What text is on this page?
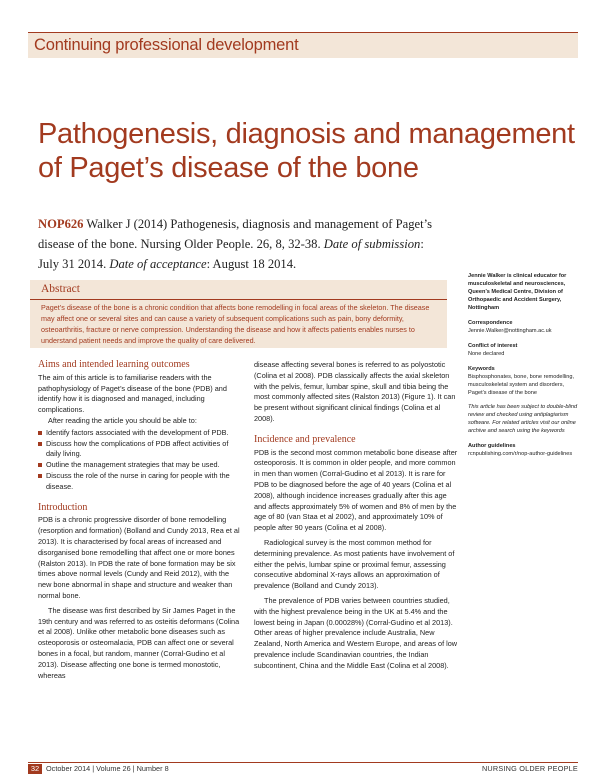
Continuing professional development
Pathogenesis, diagnosis and management
of Paget’s disease of the bone
NOP626 Walker J (2014) Pathogenesis, diagnosis and management of Paget’s disease of the bone. Nursing Older People. 26, 8, 32-38. Date of submission: July 31 2014. Date of acceptance: August 18 2014.
Abstract

Paget’s disease of the bone is a chronic condition that affects bone remodelling in focal areas of the skeleton. The disease may affect one or several sites and can cause a variety of subsequent complications such as pain, bony deformity, osteoarthritis, fracture or nerve compression. Understanding the disease and how it affects patients enables nurses to understand patient needs and improve the quality of care delivered.

Aims and intended learning outcomes

The aim of this article is to familiarise readers with the pathophysiology of Paget’s disease of the bone (PDB) and identify how it is diagnosed and managed, including complications.

After reading the article you should be able to:

Identify factors associated with the development of PDB.
Discuss how the complications of PDB affect activities of daily living.
Outline the management strategies that may be used.
Discuss the role of the nurse in caring for people with the disease.
Introduction

PDB is a chronic progressive disorder of bone remodelling (resorption and formation) (Bolland and Cundy 2013, Rea et al 2013). It is characterised by focal areas of increased and disorganised bone remodelling that affect one or more bones (Ralston 2013). In PDB the rate of bone formation may be six times above normal levels (Cundy and Reid 2012), with the new bone abnormal in shape and structure and weaker than normal bone.

The disease was first described by Sir James Paget in the 19th century and was referred to as osteitis deformans (Colina et al 2008). Unlike other metabolic bone diseases such as osteoporosis or osteomalacia, PDB can affect one or several bones in a focal, but random, manner (Corral-Gudino et al 2013). Disease affecting one bone is termed monostotic, whereas

disease affecting several bones is referred to as polyostotic (Colina et al 2008). PDB classically affects the axial skeleton with the pelvis, femur, lumbar spine, skull and tibia being the most commonly affected sites (Ralston 2013) (Figure 1). It can be present without significant clinical findings (Colina et al 2008).

Incidence and prevalence

PDB is the second most common metabolic bone disease after osteoporosis. It is common in older people, and more common in men than women (Corral-Gudino et al 2013). It is rare for PDB to be diagnosed before the age of 40 years (Colina et al 2008), although incidence increases gradually after this age and affects approximately 5% of women and 8% of men by the age of 80 (van Staa et al 2002), and approximately 10% of people after 90 years (Colina et al 2008).

Radiological survey is the most common method for determining prevalence. As most patients have involvement of either the pelvis, lumbar spine or proximal femur, assessing consecutive abdominal X-rays allows an approximation of prevalence (Bolland and Cundy 2013).

The prevalence of PDB varies between countries studied, with the highest prevalence being in the UK at 5.4% and the lowest being in Japan (0.00028%) (Corral-Gudino et al 2013). Other areas of higher prevalence include Australia, New Zealand, North America and Western Europe, and areas of low prevalence include Scandinavian countries, the Indian subcontinent, China and the Middle East (Colina et al 2008).

Jennie Walker is clinical educator for musculoskeletal and neurosciences, Queen’s Medical Centre, Division of Orthopaedic and Accident Surgery, Nottingham
Correspondence
Jennie.Walker@nottingham.ac.uk
Conflict of interest
None declared
Keywords
Bisphosphonates, bone, bone remodelling, musculoskeletal system and disorders, Paget’s disease of the bone
This article has been subject to double-blind review and checked using antiplagiarism software. For related articles visit our online archive and search using the keywords
Author guidelines
rcnpublishing.com/r/nop-author-guidelines
32 October 2014 | Volume 26 | Number 8	NURSING OLDER PEOPLE
